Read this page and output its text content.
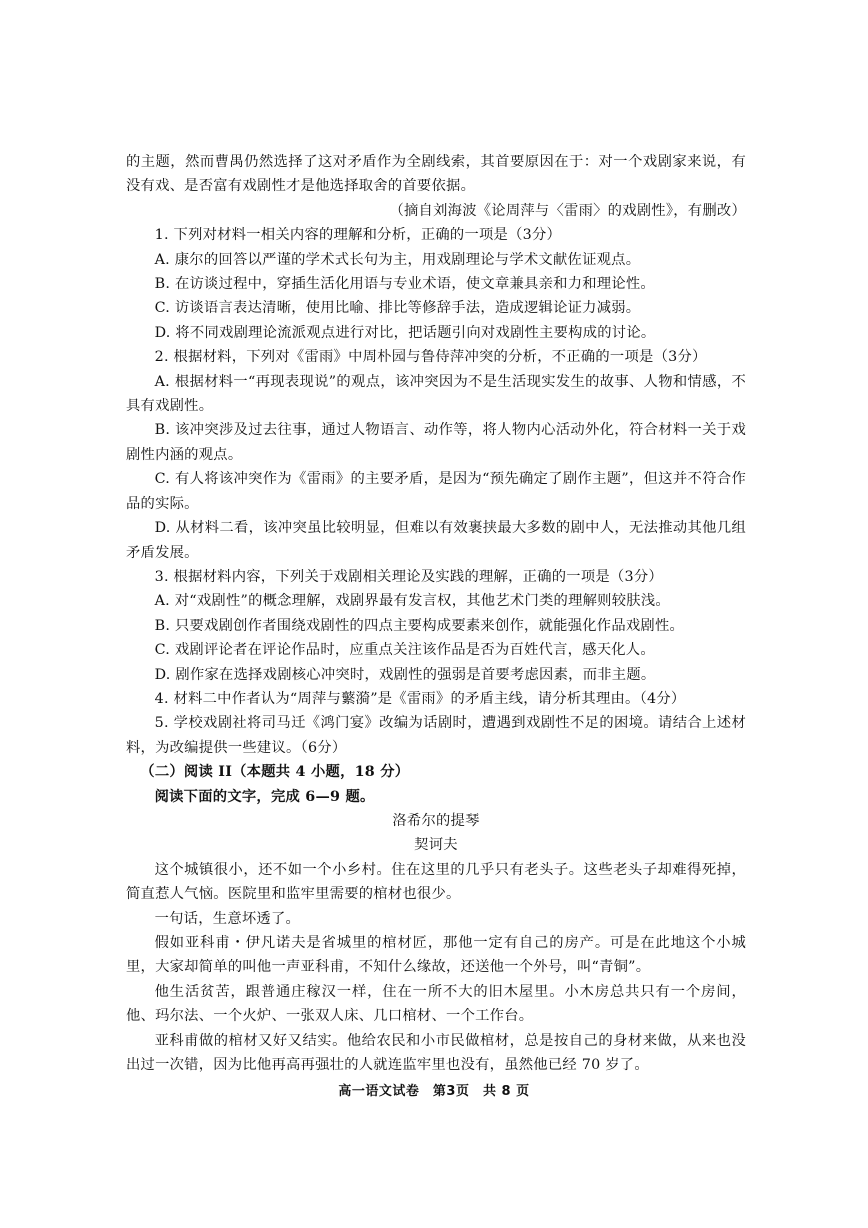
的主题，然而曹禺仍然选择了这对矛盾作为全剧线索，其首要原因在于：对一个戏剧家来说，有没有戏、是否富有戏剧性才是他选择取舍的首要依据。

（摘自刘海波《论周萍与〈雷雨〉的戏剧性》，有删改）

1. 下列对材料一相关内容的理解和分析，正确的一项是（3分）

A. 康尔的回答以严谨的学术式长句为主，用戏剧理论与学术文献佐证观点。

B. 在访谈过程中，穿插生活化用语与专业术语，使文章兼具亲和力和理论性。

C. 访谈语言表达清晰，使用比喻、排比等修辞手法，造成逻辑论证力减弱。

D. 将不同戏剧理论流派观点进行对比，把话题引向对戏剧性主要构成的讨论。

2. 根据材料，下列对《雷雨》中周朴园与鲁侍萍冲突的分析，不正确的一项是（3分）

A. 根据材料一“再现表现说”的观点，该冲突因为不是生活现实发生的故事、人物和情感，不具有戏剧性。

B. 该冲突涉及过去往事，通过人物语言、动作等，将人物内心活动外化，符合材料一关于戏剧性内涵的观点。

C. 有人将该冲突作为《雷雨》的主要矛盾，是因为“预先确定了剧作主题”，但这并不符合作品的实际。

D. 从材料二看，该冲突虽比较明显，但难以有效裹挟最大多数的剧中人，无法推动其他几组矛盾发展。

3. 根据材料内容，下列关于戏剧相关理论及实践的理解，正确的一项是（3分）

A. 对“戏剧性”的概念理解，戏剧界最有发言权，其他艺术门类的理解则较肤浅。

B. 只要戏剧创作者围绕戏剧性的四点主要构成要素来创作，就能强化作品戏剧性。

C. 戏剧评论者在评论作品时，应重点关注该作品是否为百姓代言，感天化人。

D. 剧作家在选择戏剧核心冲突时，戏剧性的强弱是首要考虑因素，而非主题。

4. 材料二中作者认为“周萍与蘩漪”是《雷雨》的矛盾主线，请分析其理由。（4分）

5. 学校戏剧社将司马迁《鸿门宴》改编为话剧时，遭遇到戏剧性不足的困境。请结合上述材料，为改编提供一些建议。（6分）

（二）阅读 II（本题共 4 小题，18 分）

阅读下面的文字，完成 6—9 题。

洛希尔的提琴

契诃夫

这个城镇很小，还不如一个小乡村。住在这里的几乎只有老头子。这些老头子却难得死掉，简直惹人气恼。医院里和监牢里需要的棺材也很少。

一句话，生意坏透了。

假如亚科甫・伊凡诺夫是省城里的棺材匠，那他一定有自己的房产。可是在此地这个小城里，大家却简单的叫他一声亚科甫，不知什么缘故，还送他一个外号，叫“青铜”。

他生活贫苦，跟普通庄稼汉一样，住在一所不大的旧木屋里。小木房总共只有一个房间，他、玛尔法、一个火炉、一张双人床、几口棺材、一个工作台。

亚科甫做的棺材又好又结实。他给农民和小市民做棺材，总是按自己的身材来做，从来也没出过一次错，因为比他再高再强壮的人就连监牢里也没有，虽然他已经 70 岁了。

高一语文试卷　第3页　共 8 页
